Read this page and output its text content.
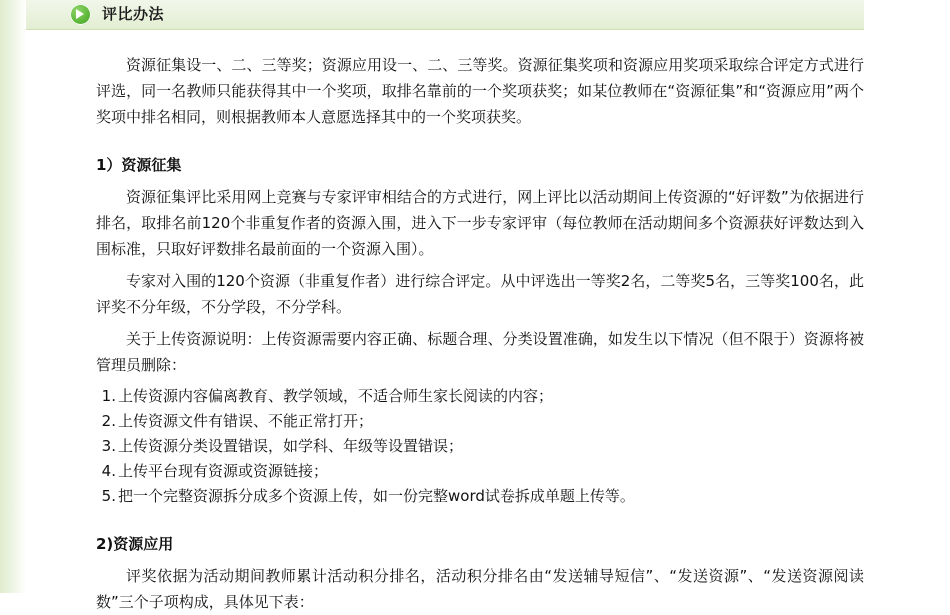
评比办法

资源征集设一、二、三等奖；资源应用设一、二、三等奖。资源征集奖项和资源应用奖项采取综合评定方式进行评选，同一名教师只能获得其中一个奖项，取排名靠前的一个奖项获奖；如某位教师在“资源征集”和“资源应用”两个奖项中排名相同，则根据教师本人意愿选择其中的一个奖项获奖。

1）资源征集

资源征集评比采用网上竞赛与专家评审相结合的方式进行，网上评比以活动期间上传资源的“好评数”为依据进行排名，取排名前120个非重复作者的资源入围，进入下一步专家评审（每位教师在活动期间多个资源获好评数达到入围标准，只取好评数排名最前面的一个资源入围）。

专家对入围的120个资源（非重复作者）进行综合评定。从中评选出一等奖2名，二等奖5名，三等奖100名，此评奖不分年级，不分学段，不分学科。

关于上传资源说明：上传资源需要内容正确、标题合理、分类设置准确，如发生以下情况（但不限于）资源将被管理员删除：

1 . 上传资源内容偏离教育、教学领域，不适合师生家长阅读的内容；
2 . 上传资源文件有错误、不能正常打开；
3 . 上传资源分类设置错误，如学科、年级等设置错误；
4 . 上传平台现有资源或资源链接；
5 . 把一个完整资源拆分成多个资源上传，如一份完整word试卷拆成单题上传等。

2)资源应用

评奖依据为活动期间教师累计活动积分排名，活动积分排名由“发送辅导短信”、“发送资源”、“发送资源阅读数”三个子项构成，具体见下表：
